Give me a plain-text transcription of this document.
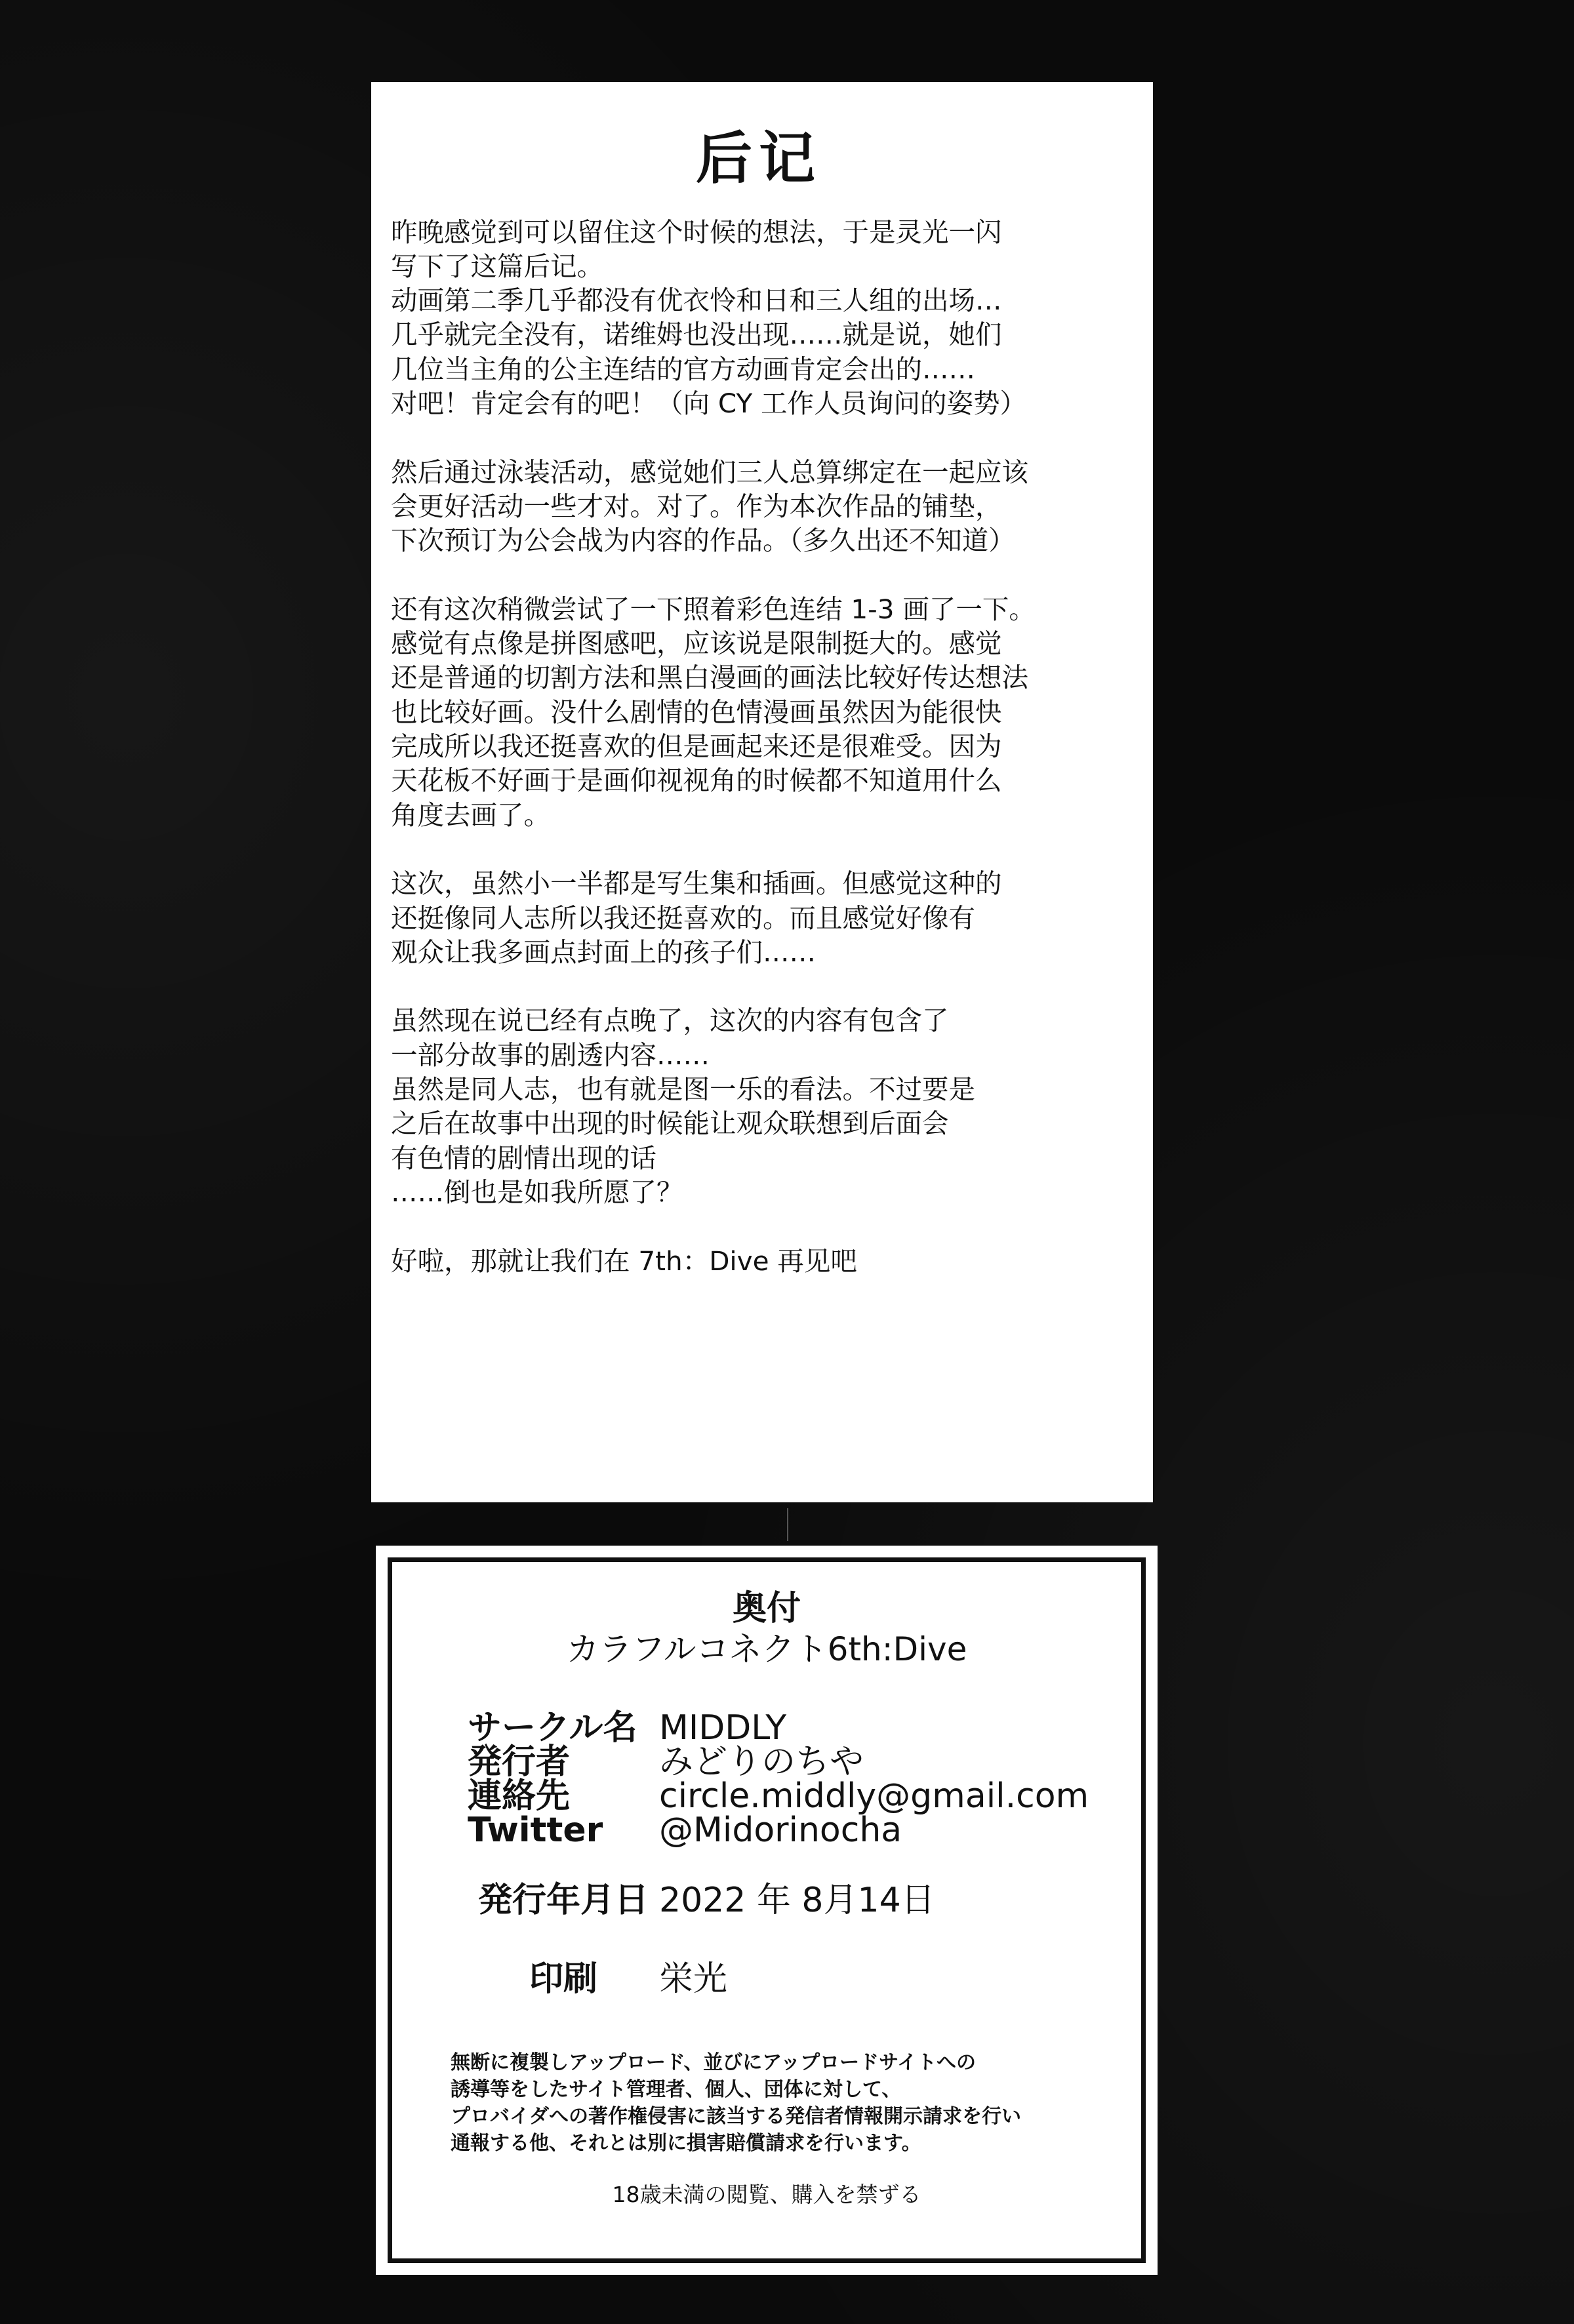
后记
昨晚感觉到可以留住这个时候的想法，于是灵光一闪
写下了这篇后记。
动画第二季几乎都没有优衣怜和日和三人组的出场…
几乎就完全没有，诺维姆也没出现……就是说，她们
几位当主角的公主连结的官方动画肯定会出的……
对吧！肯定会有的吧！（向 CY 工作人员询问的姿势）
然后通过泳装活动，感觉她们三人总算绑定在一起应该
会更好活动一些才对。对了。作为本次作品的铺垫，
下次预订为公会战为内容的作品。（多久出还不知道）
还有这次稍微尝试了一下照着彩色连结 1-3 画了一下。
感觉有点像是拼图感吧，应该说是限制挺大的。感觉
还是普通的切割方法和黑白漫画的画法比较好传达想法
也比较好画。没什么剧情的色情漫画虽然因为能很快
完成所以我还挺喜欢的但是画起来还是很难受。因为
天花板不好画于是画仰视视角的时候都不知道用什么
角度去画了。
这次，虽然小一半都是写生集和插画。但感觉这种的
还挺像同人志所以我还挺喜欢的。而且感觉好像有
观众让我多画点封面上的孩子们……
虽然现在说已经有点晚了，这次的内容有包含了
一部分故事的剧透内容……
虽然是同人志，也有就是图一乐的看法。不过要是
之后在故事中出现的时候能让观众联想到后面会
有色情的剧情出现的话
……倒也是如我所愿了？
好啦，那就让我们在 7th：Dive 再见吧
奥付
カラフルコネクト6th:Dive
サークル名 MIDDLY
発行者	みどりのちや
連絡先	circle.middly@gmail.com
Twitter	@Midorinocha
発行年月日 2022 年 8月14日
印刷	栄光
無断に複製しアップロード、並びにアップロードサイトへの
誘導等をしたサイト管理者、個人、団体に対して、
プロバイダへの著作権侵害に該当する発信者情報開示請求を行い
通報する他、それとは別に損害賠償請求を行います。
18歳未満の閲覧、購入を禁ずる
